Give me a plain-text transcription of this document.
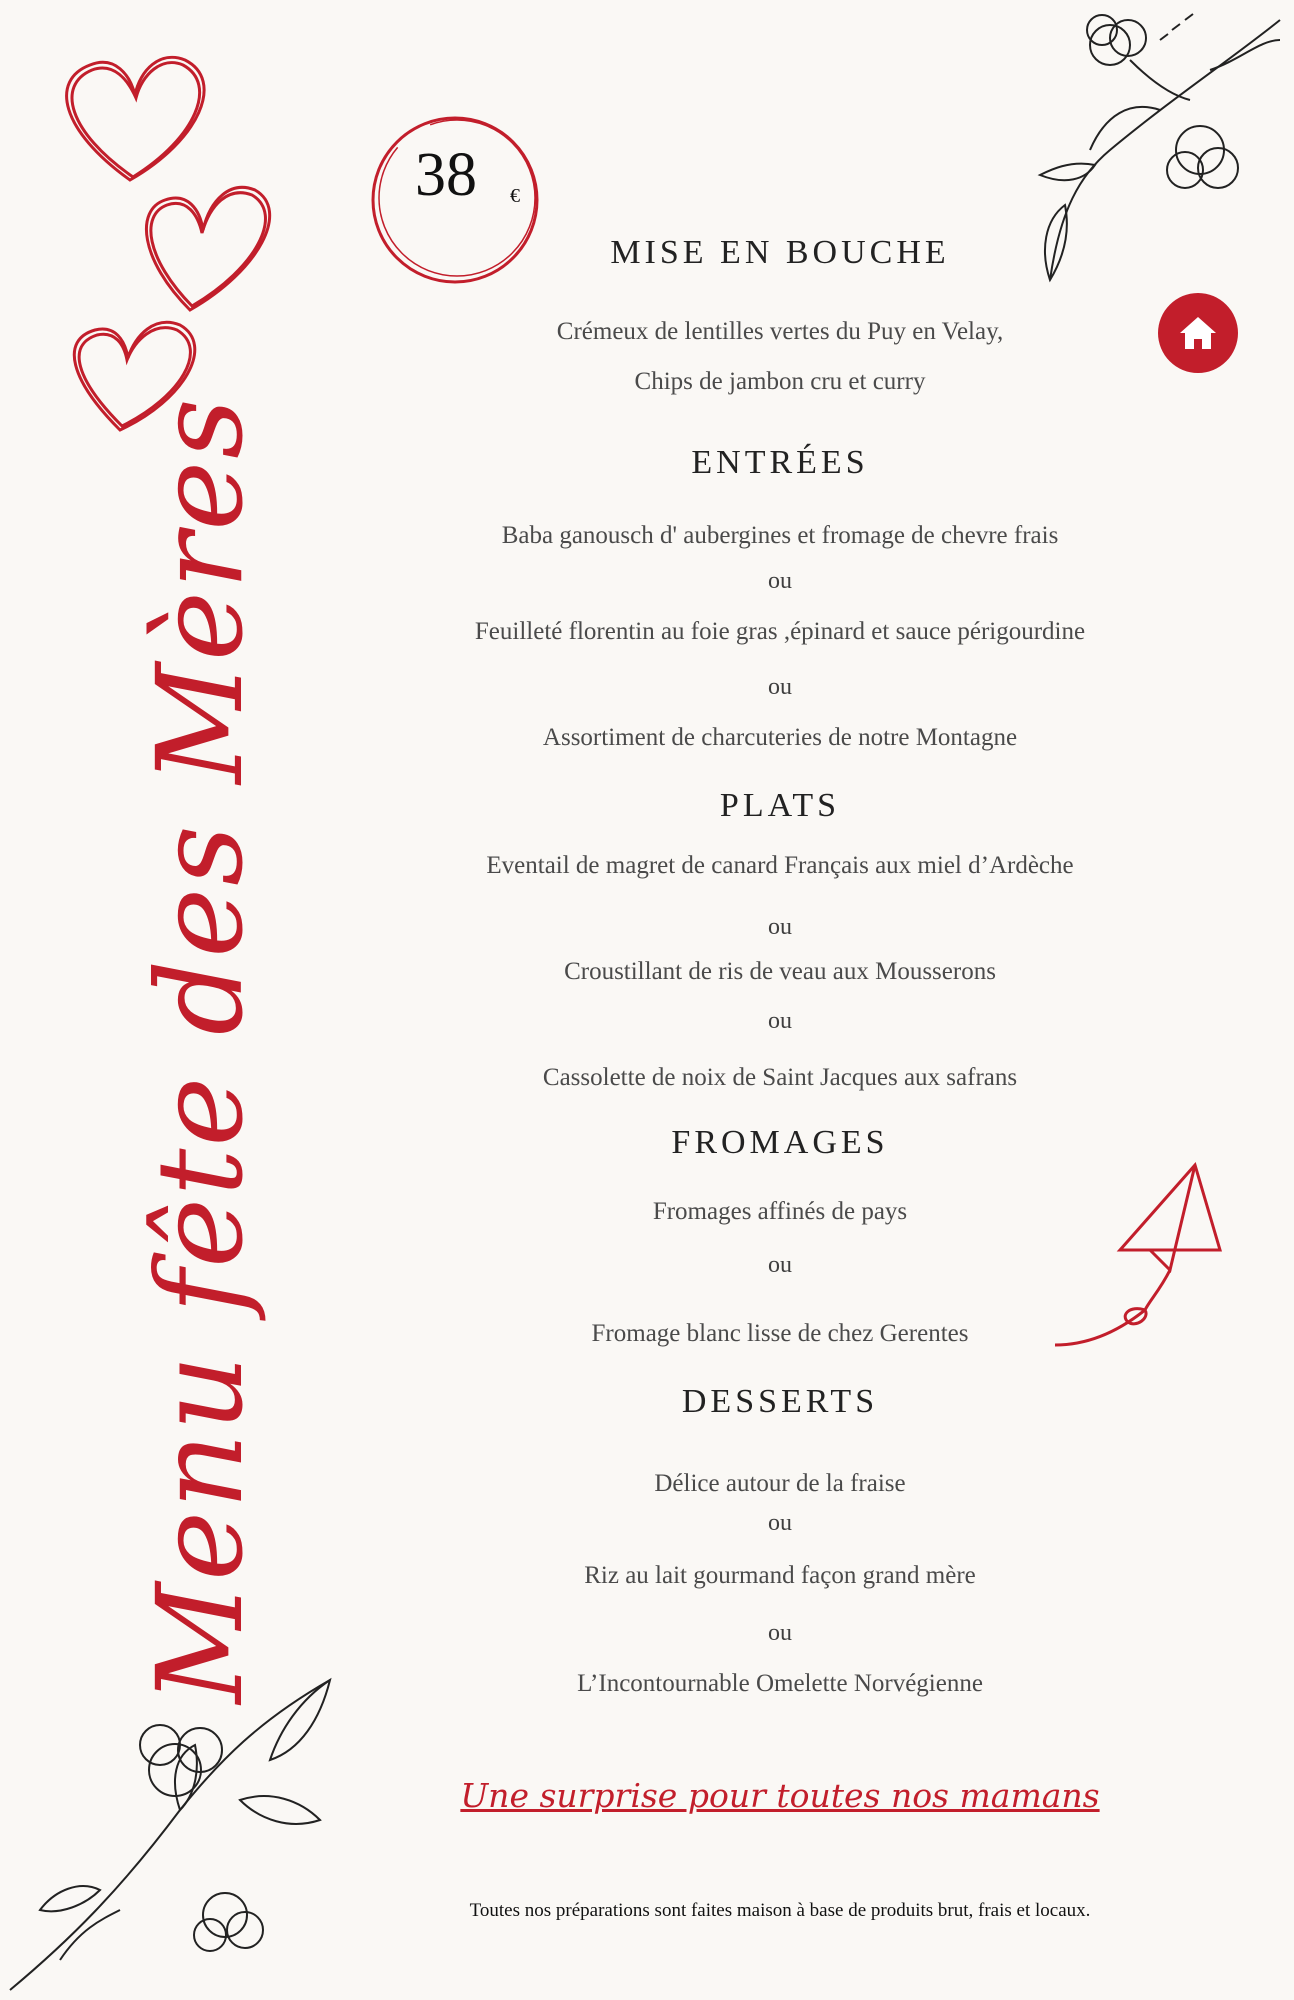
Menu fête des Mères
38 €
MISE EN BOUCHE
Crémeux de lentilles vertes du Puy en Velay,
Chips de jambon cru et curry
ENTRÉES
Baba ganousch d' aubergines et fromage de chevre frais
ou
Feuilleté florentin au foie gras ,épinard et sauce périgourdine
ou
Assortiment de charcuteries de notre Montagne
PLATS
Eventail de magret de canard Français aux miel d’Ardèche
ou
Croustillant de ris de veau aux Mousserons
ou
Cassolette de noix de Saint Jacques aux safrans
FROMAGES
Fromages affinés de pays
ou
Fromage blanc lisse de chez Gerentes
DESSERTS
Délice autour de la fraise
ou
Riz au lait gourmand façon grand mère
ou
L’Incontournable Omelette Norvégienne
Une surprise pour toutes nos mamans
Toutes nos préparations sont faites maison à base de produits brut, frais et locaux.
